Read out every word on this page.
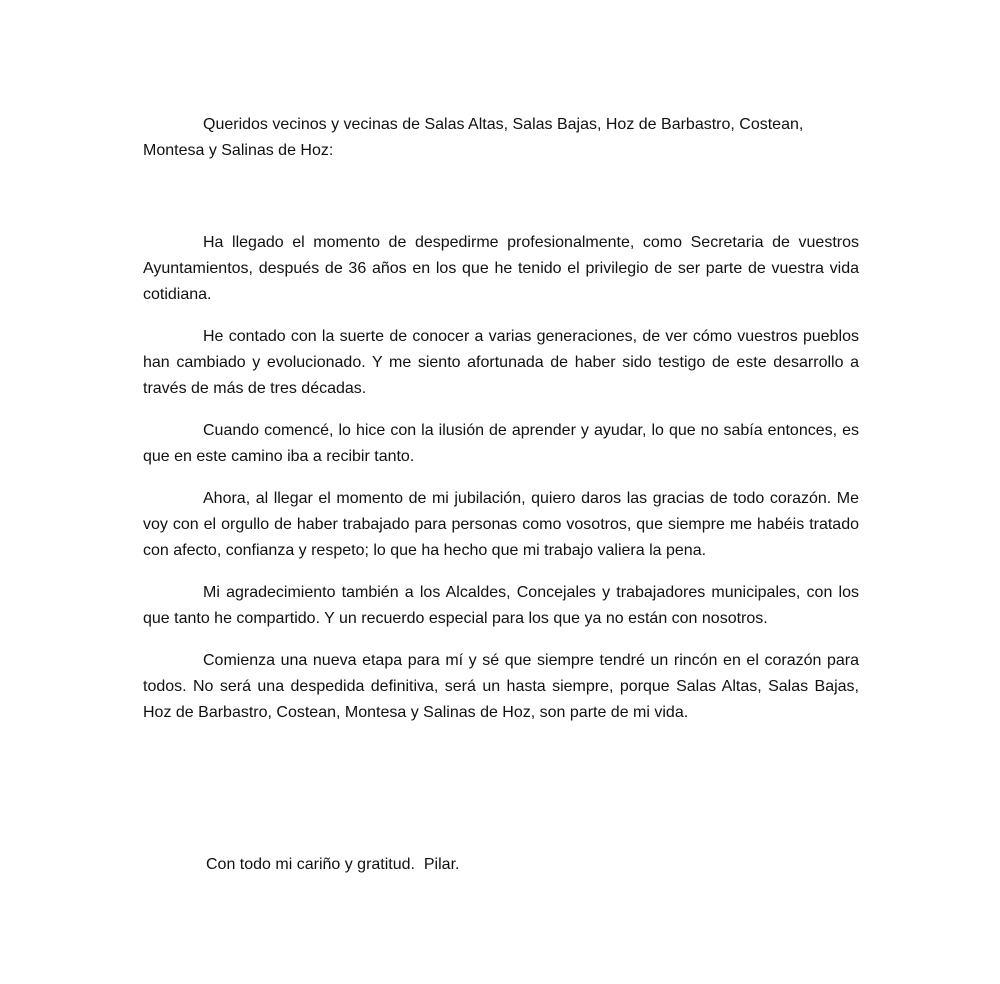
Queridos vecinos y vecinas de Salas Altas, Salas Bajas, Hoz de Barbastro, Costean, Montesa y Salinas de Hoz:

Ha llegado el momento de despedirme profesionalmente, como Secretaria de vuestros Ayuntamientos, después de 36 años en los que he tenido el privilegio de ser parte de vuestra vida cotidiana.

He contado con la suerte de conocer a varias generaciones, de ver cómo vuestros pueblos han cambiado y evolucionado. Y me siento afortunada de haber sido testigo de este desarrollo a través de más de tres décadas.

Cuando comencé, lo hice con la ilusión de aprender y ayudar, lo que no sabía entonces, es que en este camino iba a recibir tanto.

Ahora, al llegar el momento de mi jubilación, quiero daros las gracias de todo corazón. Me voy con el orgullo de haber trabajado para personas como vosotros, que siempre me habéis tratado con afecto, confianza y respeto; lo que ha hecho que mi trabajo valiera la pena.

Mi agradecimiento también a los Alcaldes, Concejales y trabajadores municipales, con los que tanto he compartido. Y un recuerdo especial para los que ya no están con nosotros.

Comienza una nueva etapa para mí y sé que siempre tendré un rincón en el corazón para todos. No será una despedida definitiva, será un hasta siempre, porque Salas Altas, Salas Bajas, Hoz de Barbastro, Costean, Montesa y Salinas de Hoz, son parte de mi vida.

Con todo mi cariño y gratitud.  Pilar.
